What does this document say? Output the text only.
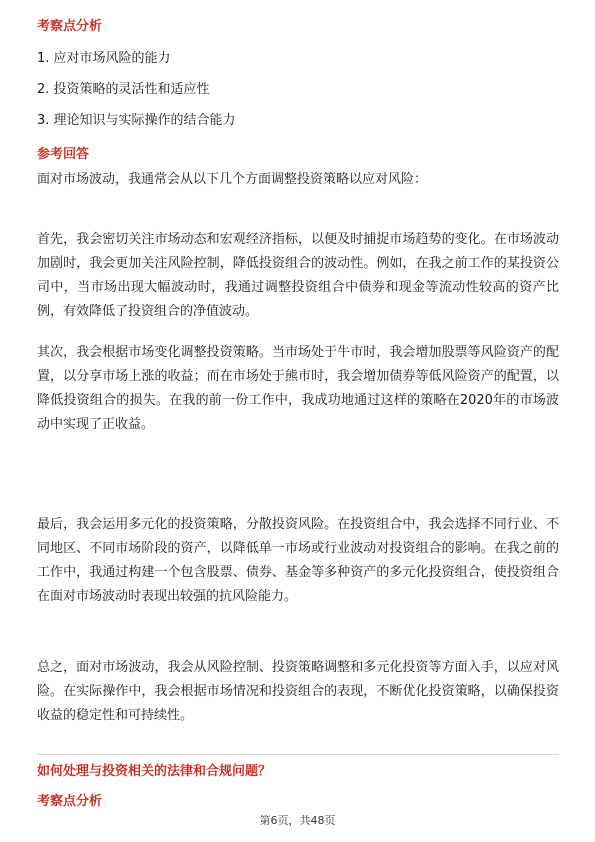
考察点分析
1. 应对市场风险的能力
2. 投资策略的灵活性和适应性
3. 理论知识与实际操作的结合能力
参考回答

面对市场波动，我通常会从以下几个方面调整投资策略以应对风险：

首先，我会密切关注市场动态和宏观经济指标，以便及时捕捉市场趋势的变化。在市场波动加剧时，我会更加关注风险控制，降低投资组合的波动性。例如，在我之前工作的某投资公司中，当市场出现大幅波动时，我通过调整投资组合中债券和现金等流动性较高的资产比例，有效降低了投资组合的净值波动。

其次，我会根据市场变化调整投资策略。当市场处于牛市时，我会增加股票等风险资产的配置，以分享市场上涨的收益；而在市场处于熊市时，我会增加债券等低风险资产的配置，以降低投资组合的损失。在我的前一份工作中，我成功地通过这样的策略在2020年的市场波动中实现了正收益。

最后，我会运用多元化的投资策略，分散投资风险。在投资组合中，我会选择不同行业、不同地区、不同市场阶段的资产，以降低单一市场或行业波动对投资组合的影响。在我之前的工作中，我通过构建一个包含股票、债券、基金等多种资产的多元化投资组合，使投资组合在面对市场波动时表现出较强的抗风险能力。

总之，面对市场波动，我会从风险控制、投资策略调整和多元化投资等方面入手，以应对风险。在实际操作中，我会根据市场情况和投资组合的表现，不断优化投资策略，以确保投资收益的稳定性和可持续性。

如何处理与投资相关的法律和合规问题？
考察点分析
第6页，共48页
